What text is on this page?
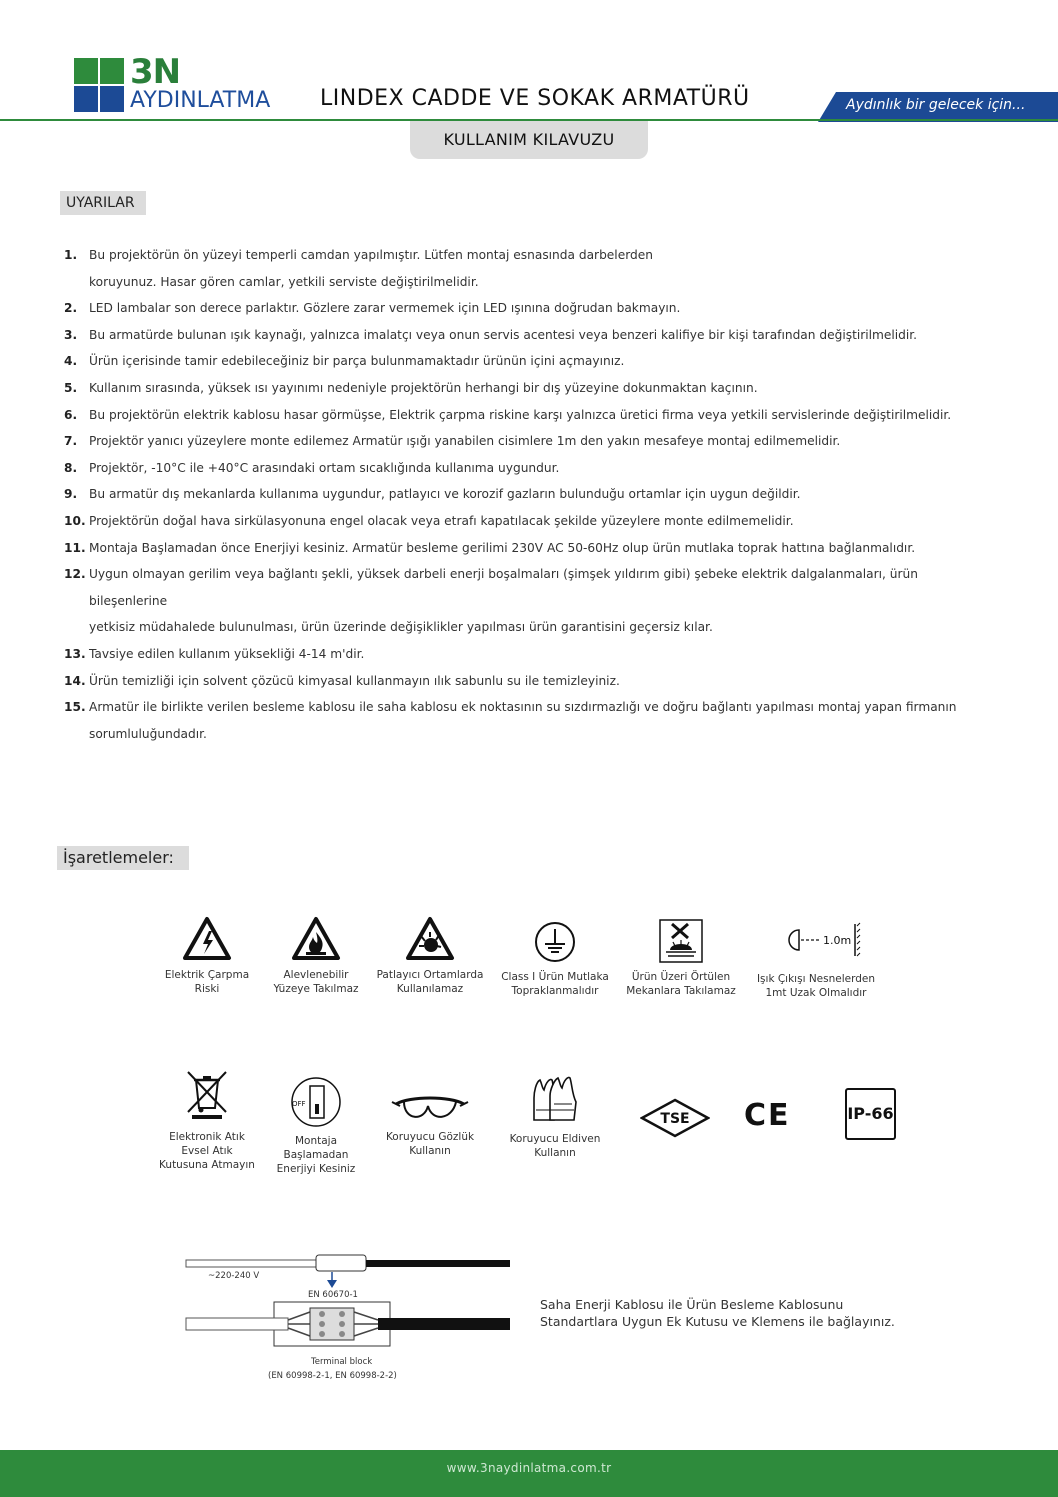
3N
AYDINLATMA LINDEX CADDE VE SOKAK ARMATÜRÜ	Aydınlık bir gelecek için...
KULLANIM KILAVUZU
UYARILAR
1. Bu projektörün ön yüzeyi temperli camdan yapılmıştır. Lütfen montaj esnasında darbelerden
koruyunuz. Hasar gören camlar, yetkili serviste değiştirilmelidir.
2. LED lambalar son derece parlaktır. Gözlere zarar vermemek için LED ışınına doğrudan bakmayın.
3. Bu armatürde bulunan ışık kaynağı, yalnızca imalatçı veya onun servis acentesi veya benzeri kalifiye bir kişi tarafından değiştirilmelidir.
4. Ürün içerisinde tamir edebileceğiniz bir parça bulunmamaktadır ürünün içini açmayınız.
5. Kullanım sırasında, yüksek ısı yayınımı nedeniyle projektörün herhangi bir dış yüzeyine dokunmaktan kaçının.
6. Bu projektörün elektrik kablosu hasar görmüşse, Elektrik çarpma riskine karşı yalnızca üretici firma veya yetkili servislerinde değiştirilmelidir.
7. Projektör yanıcı yüzeylere monte edilemez Armatür ışığı yanabilen cisimlere 1m den yakın mesafeye montaj edilmemelidir.
8. Projektör, -10°C ile +40°C arasındaki ortam sıcaklığında kullanıma uygundur.
9. Bu armatür dış mekanlarda kullanıma uygundur, patlayıcı ve korozif gazların bulunduğu ortamlar için uygun değildir.
10. Projektörün doğal hava sirkülasyonuna engel olacak veya etrafı kapatılacak şekilde yüzeylere monte edilmemelidir.
11. Montaja Başlamadan önce Enerjiyi kesiniz. Armatür besleme gerilimi 230V AC 50-60Hz olup ürün mutlaka toprak hattına bağlanmalıdır.
12. Uygun olmayan gerilim veya bağlantı şekli, yüksek darbeli enerji boşalmaları (şimşek yıldırım gibi) şebeke elektrik dalgalanmaları, ürün bileşenlerine
yetkisiz müdahalede bulunulması, ürün üzerinde değişiklikler yapılması ürün garantisini geçersiz kılar.
13. Tavsiye edilen kullanım yüksekliği 4-14 m'dir.
14. Ürün temizliği için solvent çözücü kimyasal kullanmayın ılık sabunlu su ile temizleyiniz.
15. Armatür ile birlikte verilen besleme kablosu ile saha kablosu ek noktasının su sızdırmazlığı ve doğru bağlantı yapılması montaj yapan firmanın
sorumluluğundadır.
İşaretlemeler:
Elektrik Çarpma
Riski
Alevlenebilir
Yüzeye Takılmaz
Patlayıcı Ortamlarda
Kullanılamaz
Class I Ürün Mutlaka
Topraklanmalıdır
Ürün Üzeri Örtülen
Mekanlara Takılamaz
1.0m
Işık Çıkışı Nesnelerden
1mt Uzak Olmalıdır
Elektronik Atık
Evsel Atık
Kutusuna Atmayın
OFF
Montaja
Başlamadan
Enerjiyi Kesiniz
Koruyucu Gözlük
Kullanın
Koruyucu Eldiven
Kullanın
TSE CE	IP-66
~220-240 V
EN 60670-1
Terminal block
(EN 60998-2-1, EN 60998-2-2)
Saha Enerji Kablosu ile Ürün Besleme Kablosunu
Standartlara Uygun Ek Kutusu ve Klemens ile bağlayınız.
www.3naydinlatma.com.tr
